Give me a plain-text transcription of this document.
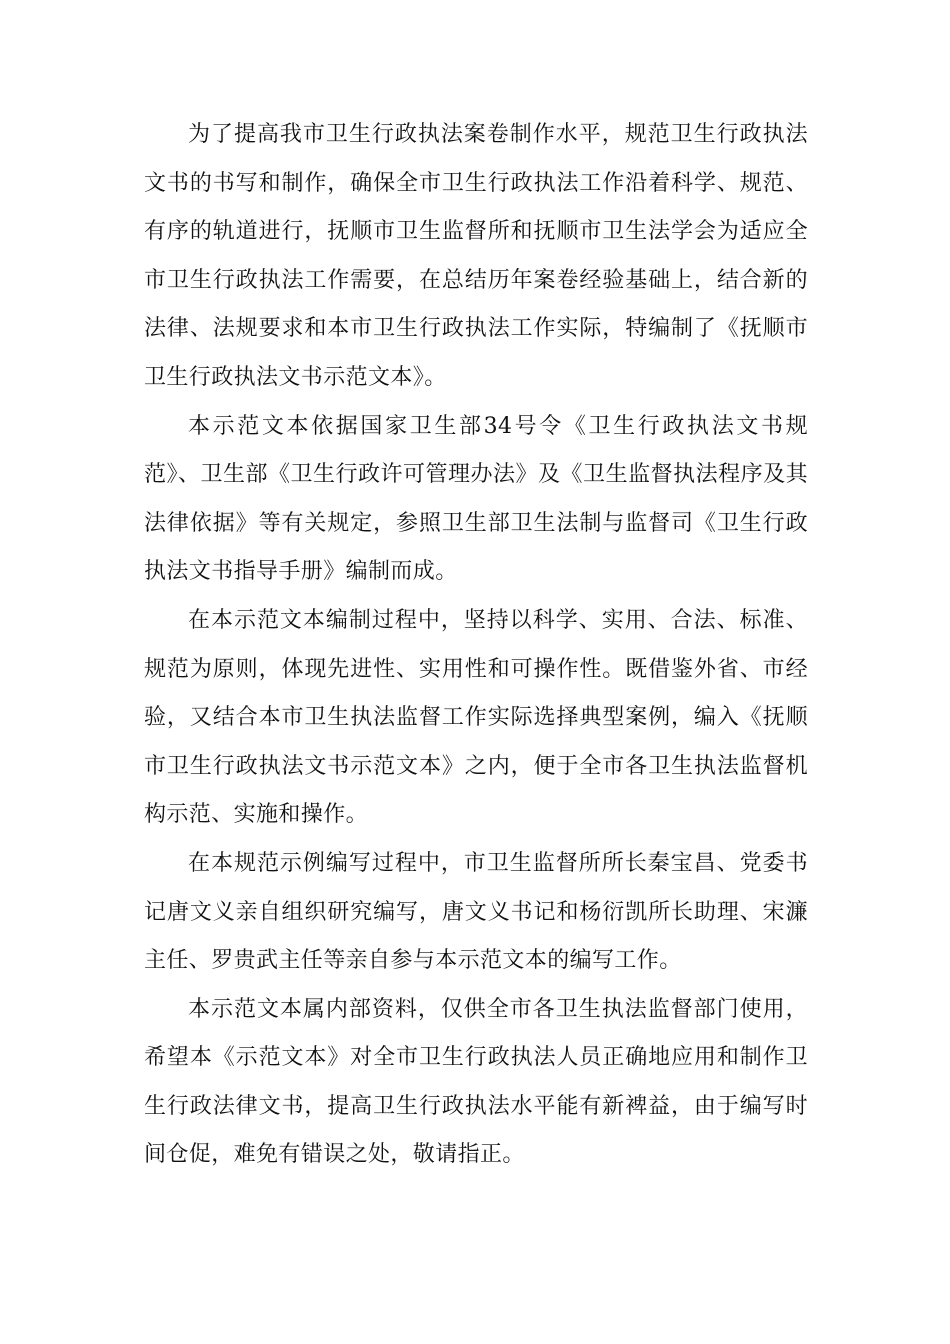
为了提高我市卫生行政执法案卷制作水平，规范卫生行政执法文书的书写和制作，确保全市卫生行政执法工作沿着科学、规范、有序的轨道进行，抚顺市卫生监督所和抚顺市卫生法学会为适应全市卫生行政执法工作需要，在总结历年案卷经验基础上，结合新的法律、法规要求和本市卫生行政执法工作实际，特编制了《抚顺市卫生行政执法文书示范文本》。

本示范文本依据国家卫生部34号令《卫生行政执法文书规范》、卫生部《卫生行政许可管理办法》及《卫生监督执法程序及其法律依据》等有关规定，参照卫生部卫生法制与监督司《卫生行政执法文书指导手册》编制而成。

在本示范文本编制过程中，坚持以科学、实用、合法、标准、规范为原则，体现先进性、实用性和可操作性。既借鉴外省、市经验，又结合本市卫生执法监督工作实际选择典型案例，编入《抚顺市卫生行政执法文书示范文本》之内，便于全市各卫生执法监督机构示范、实施和操作。

在本规范示例编写过程中，市卫生监督所所长秦宝昌、党委书记唐文义亲自组织研究编写，唐文义书记和杨衍凯所长助理、宋濂主任、罗贵武主任等亲自参与本示范文本的编写工作。

本示范文本属内部资料，仅供全市各卫生执法监督部门使用，希望本《示范文本》对全市卫生行政执法人员正确地应用和制作卫生行政法律文书，提高卫生行政执法水平能有新裨益，由于编写时间仓促，难免有错误之处，敬请指正。
